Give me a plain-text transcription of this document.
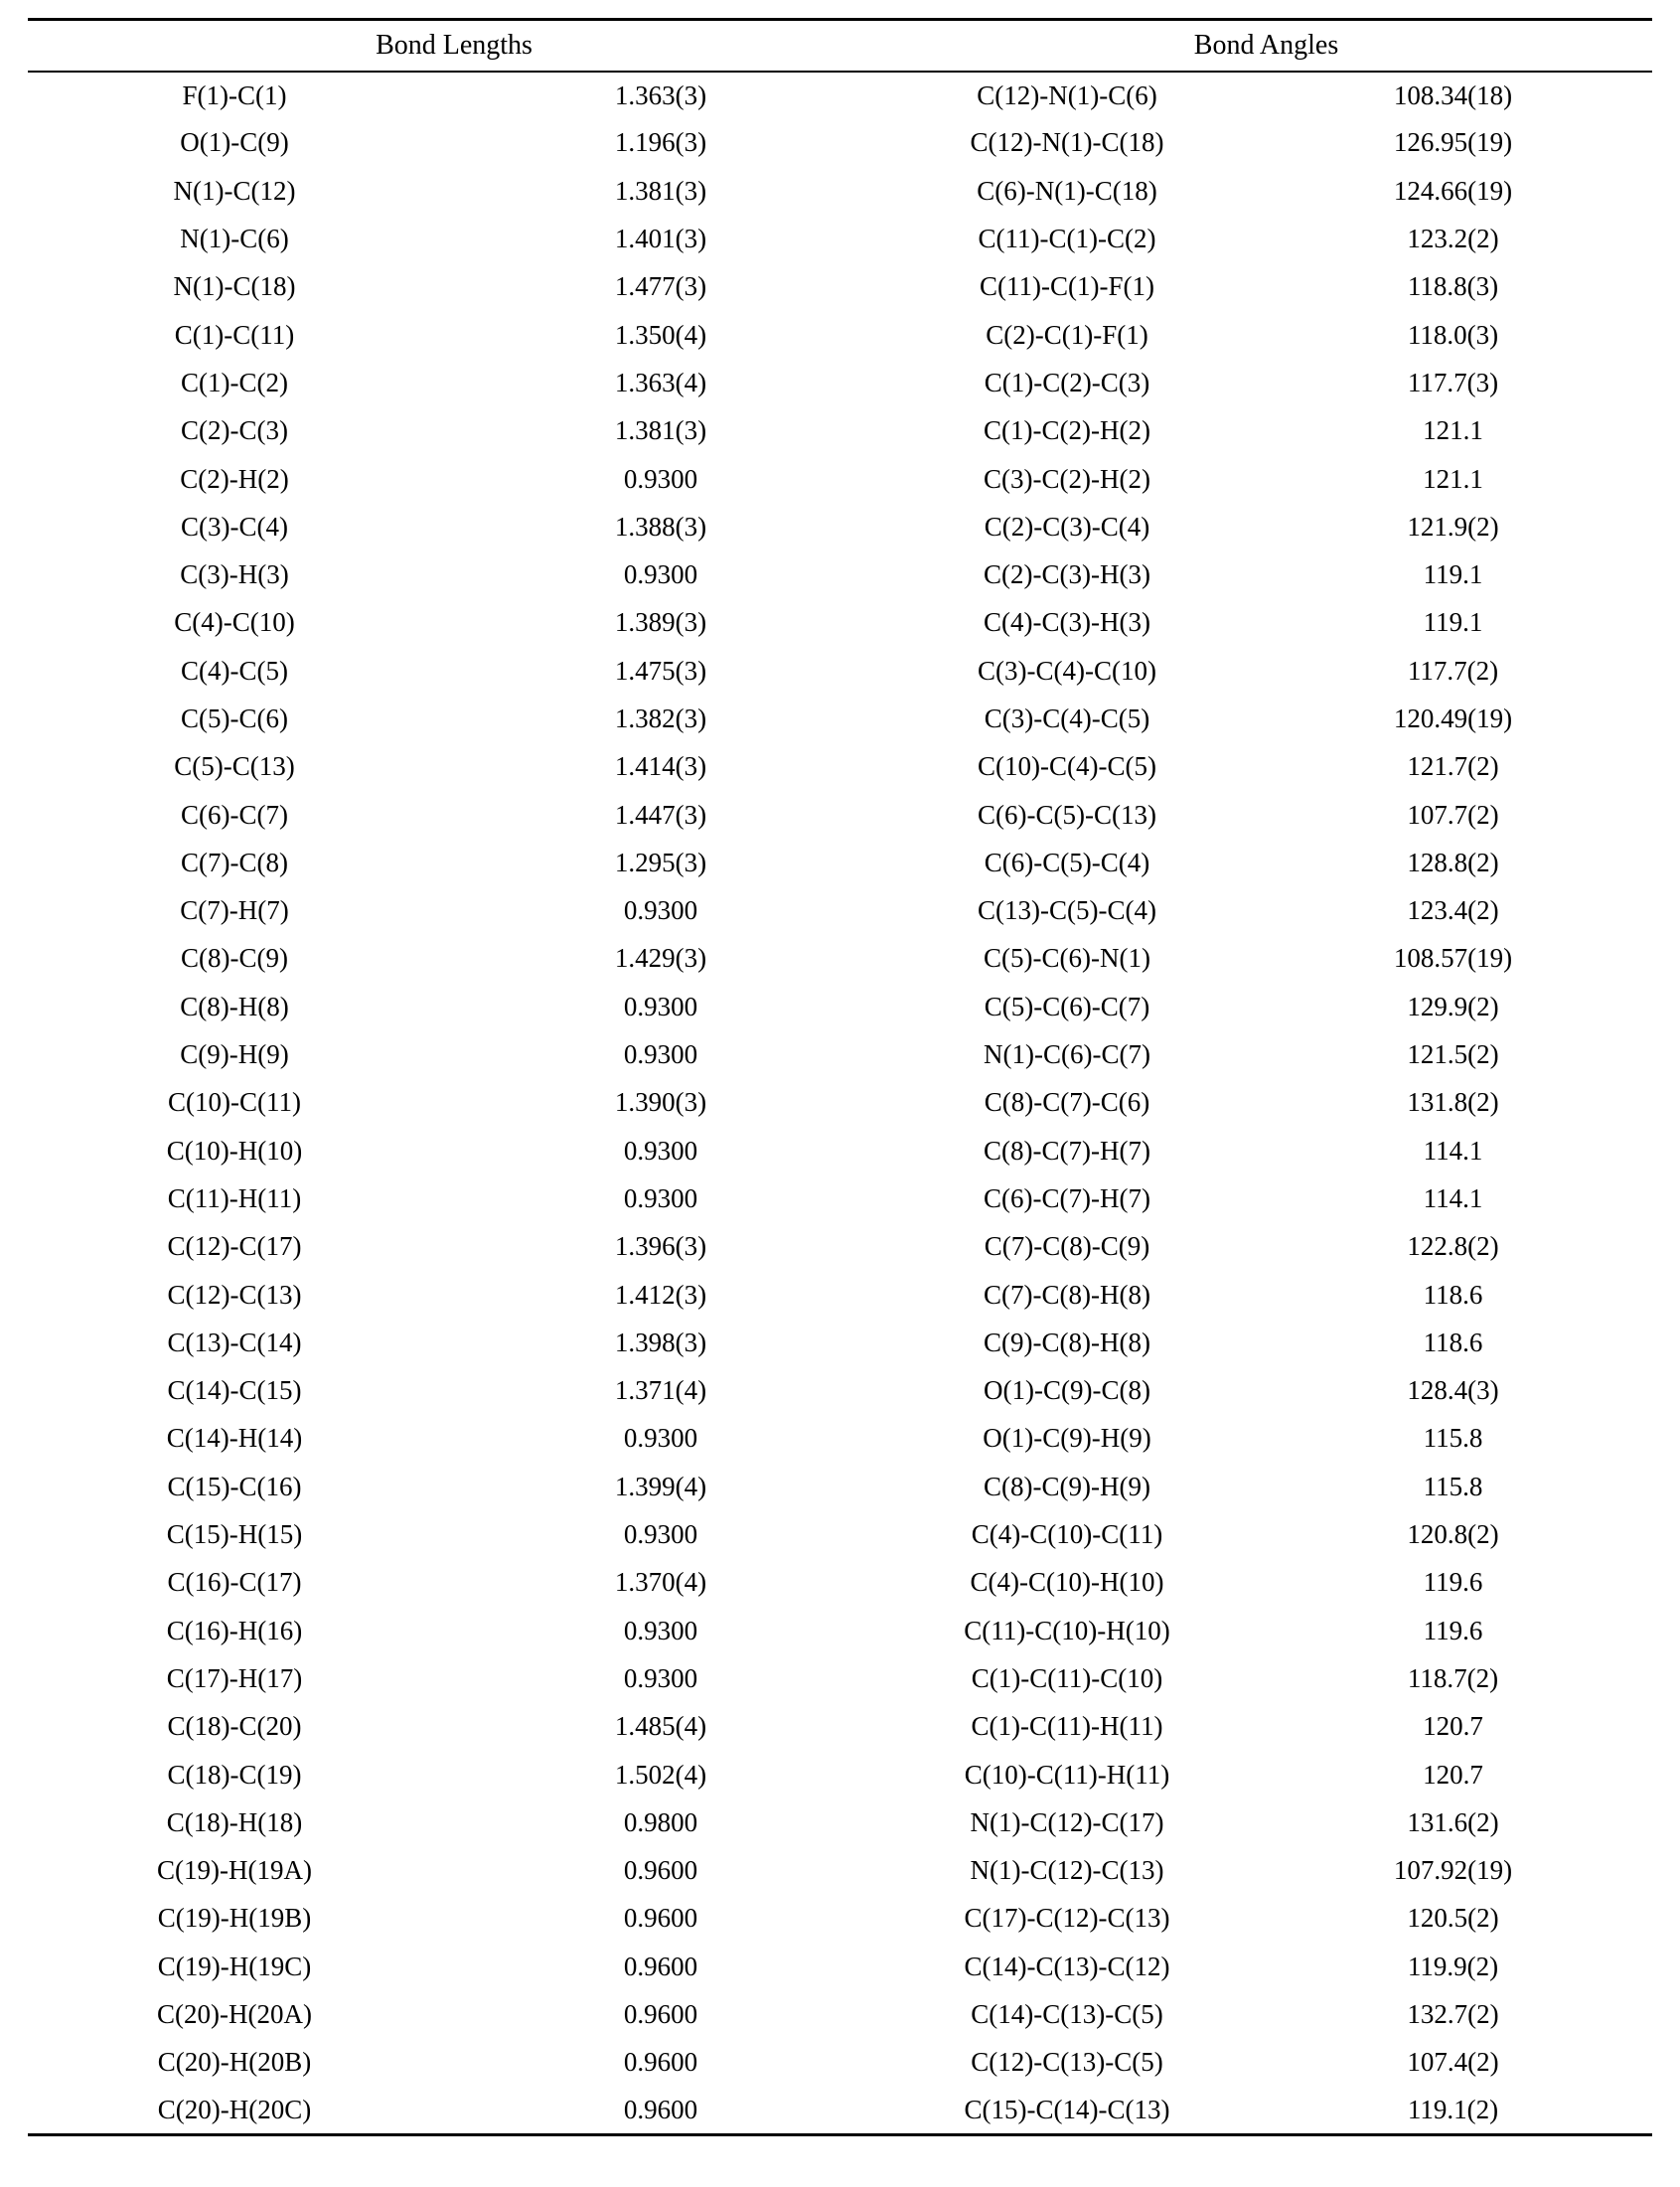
Bond Lengths		Bond Angles	
F(1)-C(1)	1.363(3)	C(12)-N(1)-C(6)	108.34(18)
O(1)-C(9)	1.196(3)	C(12)-N(1)-C(18)	126.95(19)
N(1)-C(12)	1.381(3)	C(6)-N(1)-C(18)	124.66(19)
N(1)-C(6)	1.401(3)	C(11)-C(1)-C(2)	123.2(2)
N(1)-C(18)	1.477(3)	C(11)-C(1)-F(1)	118.8(3)
C(1)-C(11)	1.350(4)	C(2)-C(1)-F(1)	118.0(3)
C(1)-C(2)	1.363(4)	C(1)-C(2)-C(3)	117.7(3)
C(2)-C(3)	1.381(3)	C(1)-C(2)-H(2)	121.1
C(2)-H(2)	0.9300	C(3)-C(2)-H(2)	121.1
C(3)-C(4)	1.388(3)	C(2)-C(3)-C(4)	121.9(2)
C(3)-H(3)	0.9300	C(2)-C(3)-H(3)	119.1
C(4)-C(10)	1.389(3)	C(4)-C(3)-H(3)	119.1
C(4)-C(5)	1.475(3)	C(3)-C(4)-C(10)	117.7(2)
C(5)-C(6)	1.382(3)	C(3)-C(4)-C(5)	120.49(19)
C(5)-C(13)	1.414(3)	C(10)-C(4)-C(5)	121.7(2)
C(6)-C(7)	1.447(3)	C(6)-C(5)-C(13)	107.7(2)
C(7)-C(8)	1.295(3)	C(6)-C(5)-C(4)	128.8(2)
C(7)-H(7)	0.9300	C(13)-C(5)-C(4)	123.4(2)
C(8)-C(9)	1.429(3)	C(5)-C(6)-N(1)	108.57(19)
C(8)-H(8)	0.9300	C(5)-C(6)-C(7)	129.9(2)
C(9)-H(9)	0.9300	N(1)-C(6)-C(7)	121.5(2)
C(10)-C(11)	1.390(3)	C(8)-C(7)-C(6)	131.8(2)
C(10)-H(10)	0.9300	C(8)-C(7)-H(7)	114.1
C(11)-H(11)	0.9300	C(6)-C(7)-H(7)	114.1
C(12)-C(17)	1.396(3)	C(7)-C(8)-C(9)	122.8(2)
C(12)-C(13)	1.412(3)	C(7)-C(8)-H(8)	118.6
C(13)-C(14)	1.398(3)	C(9)-C(8)-H(8)	118.6
C(14)-C(15)	1.371(4)	O(1)-C(9)-C(8)	128.4(3)
C(14)-H(14)	0.9300	O(1)-C(9)-H(9)	115.8
C(15)-C(16)	1.399(4)	C(8)-C(9)-H(9)	115.8
C(15)-H(15)	0.9300	C(4)-C(10)-C(11)	120.8(2)
C(16)-C(17)	1.370(4)	C(4)-C(10)-H(10)	119.6
C(16)-H(16)	0.9300	C(11)-C(10)-H(10)	119.6
C(17)-H(17)	0.9300	C(1)-C(11)-C(10)	118.7(2)
C(18)-C(20)	1.485(4)	C(1)-C(11)-H(11)	120.7
C(18)-C(19)	1.502(4)	C(10)-C(11)-H(11)	120.7
C(18)-H(18)	0.9800	N(1)-C(12)-C(17)	131.6(2)
C(19)-H(19A)	0.9600	N(1)-C(12)-C(13)	107.92(19)
C(19)-H(19B)	0.9600	C(17)-C(12)-C(13)	120.5(2)
C(19)-H(19C)	0.9600	C(14)-C(13)-C(12)	119.9(2)
C(20)-H(20A)	0.9600	C(14)-C(13)-C(5)	132.7(2)
C(20)-H(20B)	0.9600	C(12)-C(13)-C(5)	107.4(2)
C(20)-H(20C)	0.9600	C(15)-C(14)-C(13)	119.1(2)
